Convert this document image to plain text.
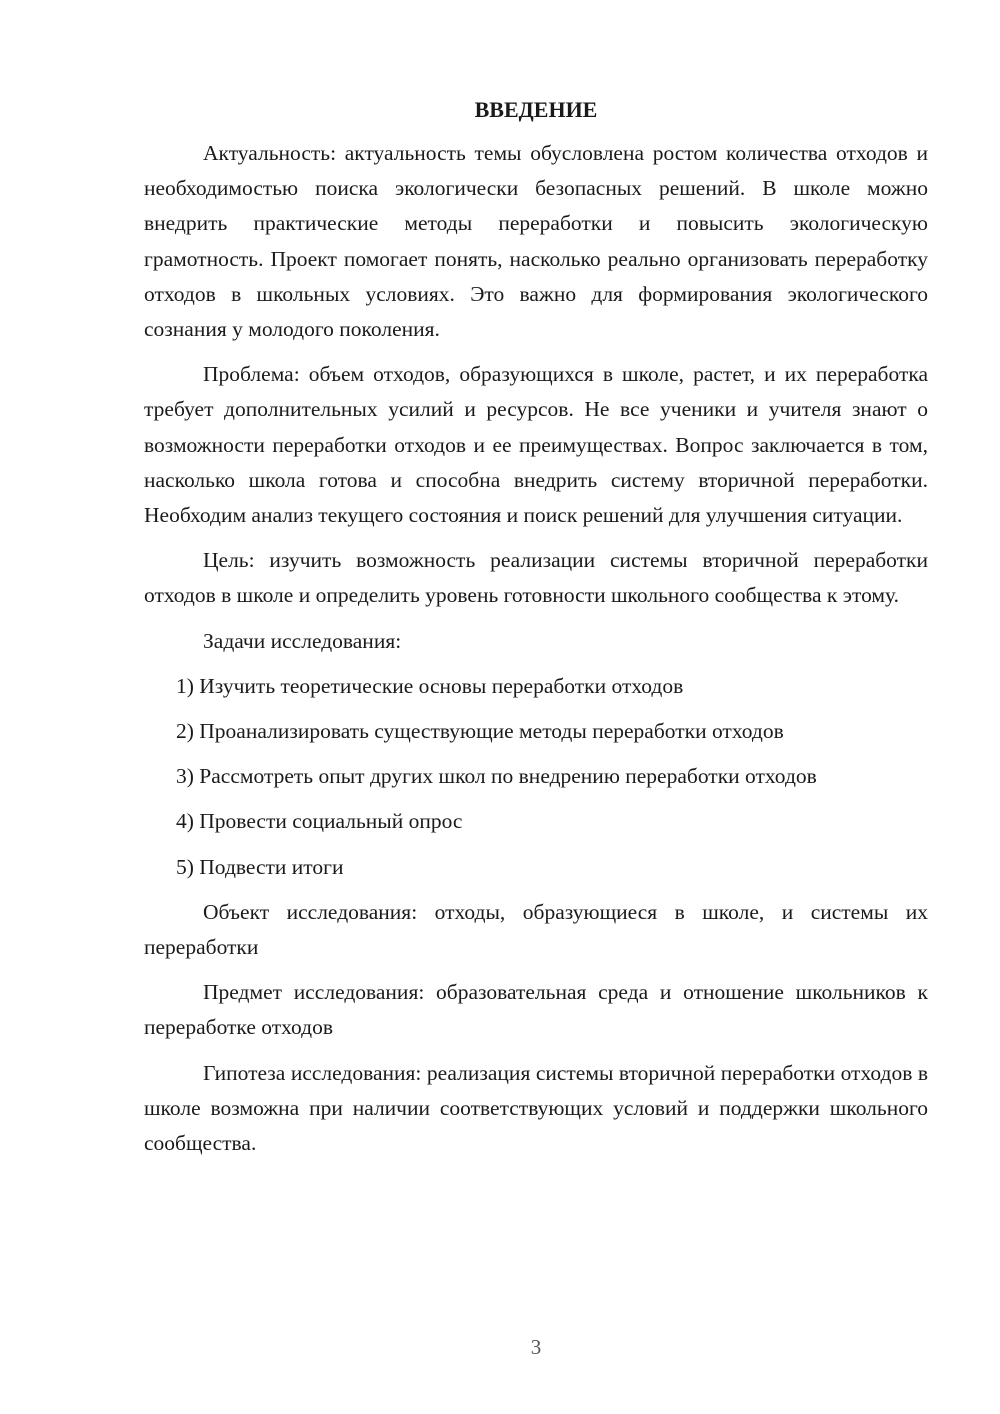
ВВЕДЕНИЕ

Актуальность: актуальность темы обусловлена ростом количества отходов и необходимостью поиска экологически безопасных решений. В школе можно внедрить практические методы переработки и повысить экологическую грамотность. Проект помогает понять, насколько реально организовать переработку отходов в школьных условиях. Это важно для формирования экологического сознания у молодого поколения.

Проблема: объем отходов, образующихся в школе, растет, и их переработка требует дополнительных усилий и ресурсов. Не все ученики и учителя знают о возможности переработки отходов и ее преимуществах. Вопрос заключается в том, насколько школа готова и способна внедрить систему вторичной переработки. Необходим анализ текущего состояния и поиск решений для улучшения ситуации.

Цель: изучить возможность реализации системы вторичной переработки отходов в школе и определить уровень готовности школьного сообщества к этому.

Задачи исследования:

1) Изучить теоретические основы переработки отходов
2) Проанализировать существующие методы переработки отходов
3) Рассмотреть опыт других школ по внедрению переработки отходов
4) Провести социальный опрос
5) Подвести итоги

Объект исследования: отходы, образующиеся в школе, и системы их переработки

Предмет исследования: образовательная среда и отношение школьников к переработке отходов

Гипотеза исследования: реализация системы вторичной переработки отходов в школе возможна при наличии соответствующих условий и поддержки школьного сообщества.

3
